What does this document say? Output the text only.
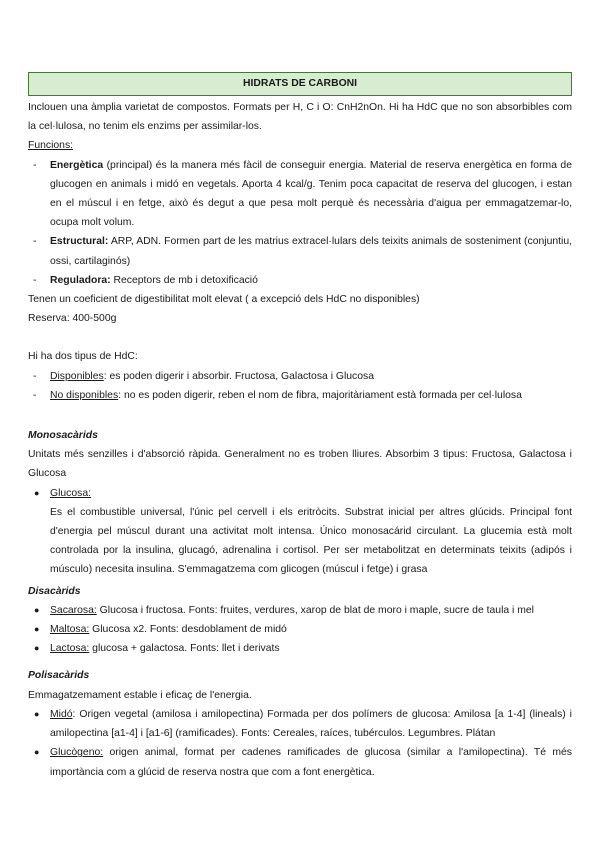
HIDRATS DE CARBONI

Inclouen una àmplia varietat de compostos. Formats per H, C i O: CnH2nOn. Hi ha HdC que no son absorbibles com la cel·lulosa, no tenim els enzims per assimilar-los.

Funcions:

- Energètica (principal) és la manera més fàcil de conseguir energia. Material de reserva energètica en forma de glucogen en animals i midó en vegetals. Aporta 4 kcal/g. Tenim poca capacitat de reserva del glucogen, i estan en el múscul i en fetge, això és degut a que pesa molt perquè és necessària d'aigua per emmagatzemar-lo, ocupa molt volum.
- Estructural: ARP, ADN. Formen part de les matrius extracel·lulars dels teixits animals de sosteniment (conjuntiu, ossi, cartilaginós)
- Reguladora: Receptors de mb i detoxificació

Tenen un coeficient de digestibilitat molt elevat ( a excepció dels HdC no disponibles)

Reserva: 400-500g

Hi ha dos tipus de HdC:

- Disponibles: es poden digerir i absorbir. Fructosa, Galactosa i Glucosa
- No disponibles: no es poden digerir, reben el nom de fibra, majoritàriament està formada per cel·lulosa

Monosacàrids

Unitats més senzilles i d'absorció ràpida. Generalment no es troben lliures. Absorbim 3 tipus: Fructosa, Galactosa i Glucosa

● Glucosa:
Es el combustible universal, l'únic pel cervell i els eritròcits. Substrat inicial per altres glúcids. Principal font d'energia pel múscul durant una activitat molt intensa. Único monosacárid circulant. La glucemia està molt controlada por la insulina, glucagó, adrenalina i cortisol. Per ser metabolitzat en determinats teixits (adipós i músculo) necesita insulina. S'emmagatzema com glicogen (múscul i fetge) i grasa

Disacàrids

● Sacarosa: Glucosa i fructosa. Fonts: fruites, verdures, xarop de blat de moro i maple, sucre de taula i mel
● Maltosa: Glucosa x2. Fonts: desdoblament de midó
● Lactosa: glucosa + galactosa. Fonts: llet i derivats

Polisacàrids

Emmagatzemament estable i eficaç de l'energia.

● Midó: Origen vegetal (amilosa i amilopectina) Formada per dos polímers de glucosa: Amilosa [a 1-4] (lineals) i amilopectina [a1-4] i [a1-6] (ramificades). Fonts: Cereales, raíces, tubérculos. Legumbres. Plátan
● Glucògeno: origen animal, format per cadenes ramificades de glucosa (similar a l'amilopectina). Té més importància com a glúcid de reserva nostra que com a font energètica.
